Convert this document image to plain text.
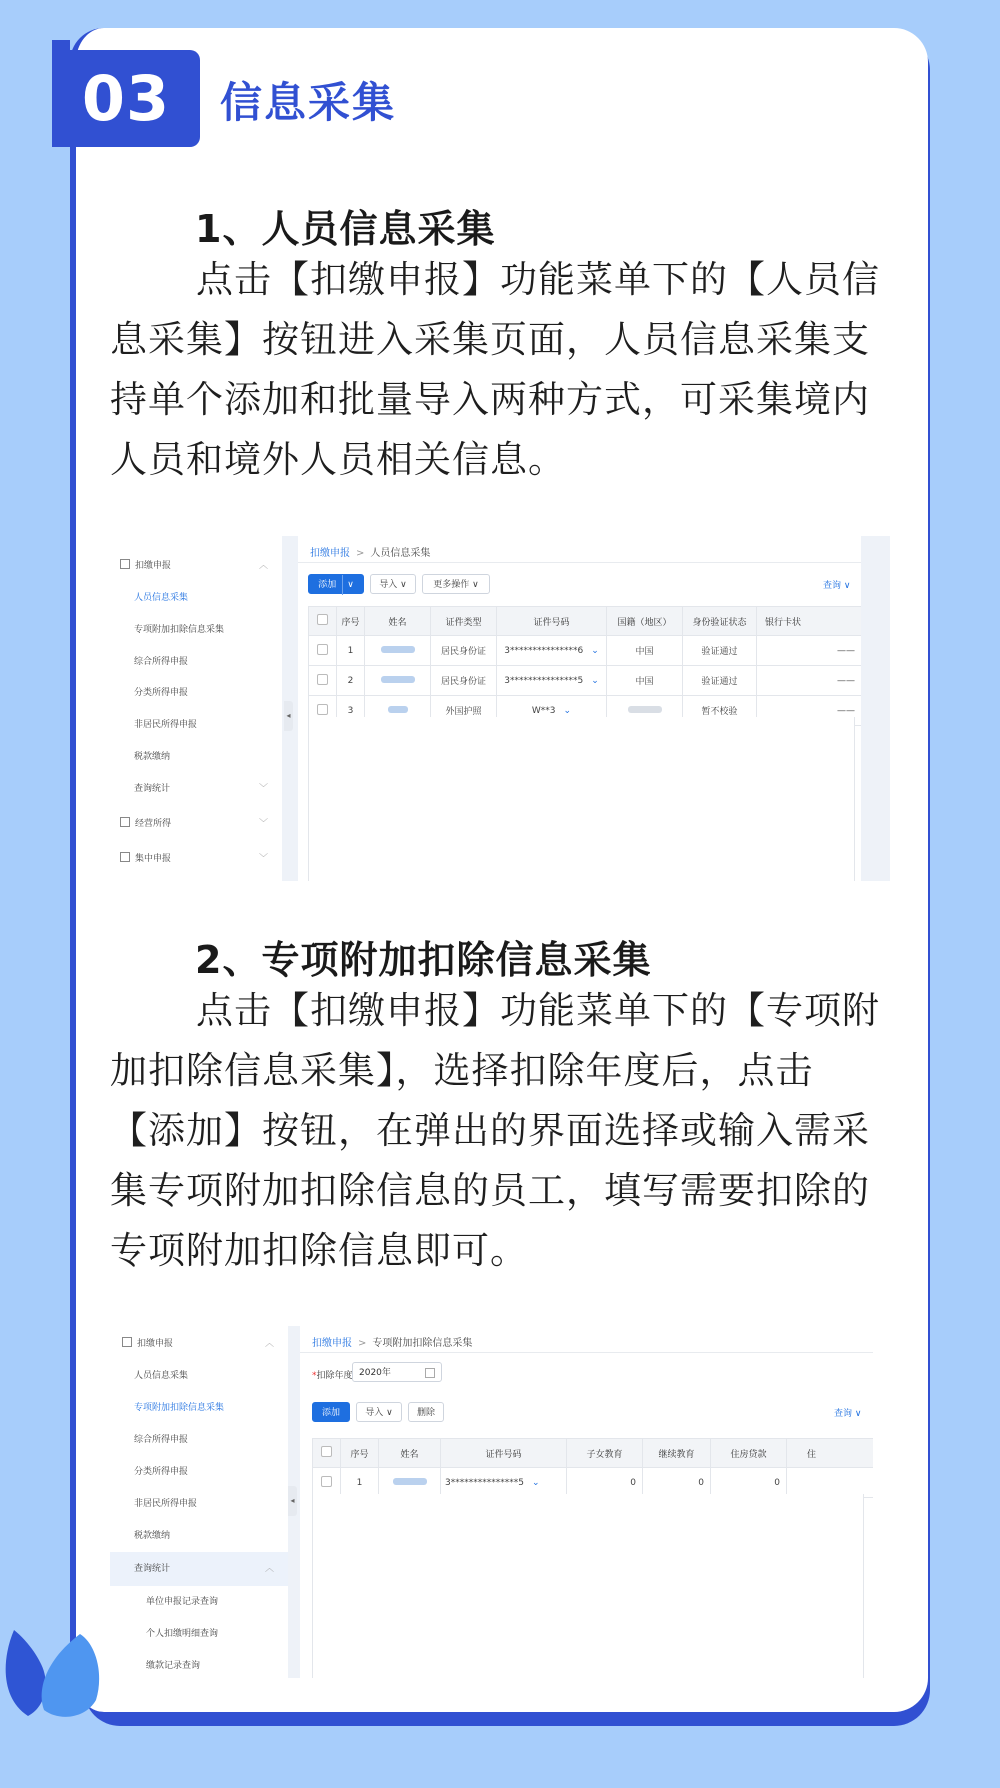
03	信息采集
1、人员信息采集
点击【扣缴申报】功能菜单下的【人员信息采集】按钮进入采集页面，人员信息采集支持单个添加和批量导入两种方式，可采集境内人员和境外人员相关信息。
扣缴申报	︿
人员信息采集
专项附加扣除信息采集
综合所得申报
分类所得申报
非居民所得申报
税款缴纳
查询统计	﹀
经营所得	﹀
集中申报	﹀
◂
扣缴申报 > 人员信息采集
添加 ∨	导入 ∨	更多操作 ∨	查询 ∨
	序号	姓名	证件类型	证件号码	国籍（地区）	身份验证状态	银行卡状
	1		居民身份证	3***************6 ⌄	中国	验证通过	——
	2		居民身份证	3***************5 ⌄	中国	验证通过	——
	3		外国护照	W**3 ⌄		暂不校验	——
2、专项附加扣除信息采集
点击【扣缴申报】功能菜单下的【专项附加扣除信息采集】，选择扣除年度后，点击【添加】按钮，在弹出的界面选择或输入需采集专项附加扣除信息的员工，填写需要扣除的专项附加扣除信息即可。
扣缴申报	︿
人员信息采集
专项附加扣除信息采集
综合所得申报
分类所得申报
非居民所得申报
税款缴纳
查询统计	︿
单位申报记录查询
个人扣缴明细查询
缴款记录查询
◂
扣缴申报 > 专项附加扣除信息采集
*扣除年度 2020年
添加	导入 ∨	删除	查询 ∨
	序号	姓名	证件号码	子女教育	继续教育	住房贷款	住
	1		3***************5 ⌄	0	0	0	
